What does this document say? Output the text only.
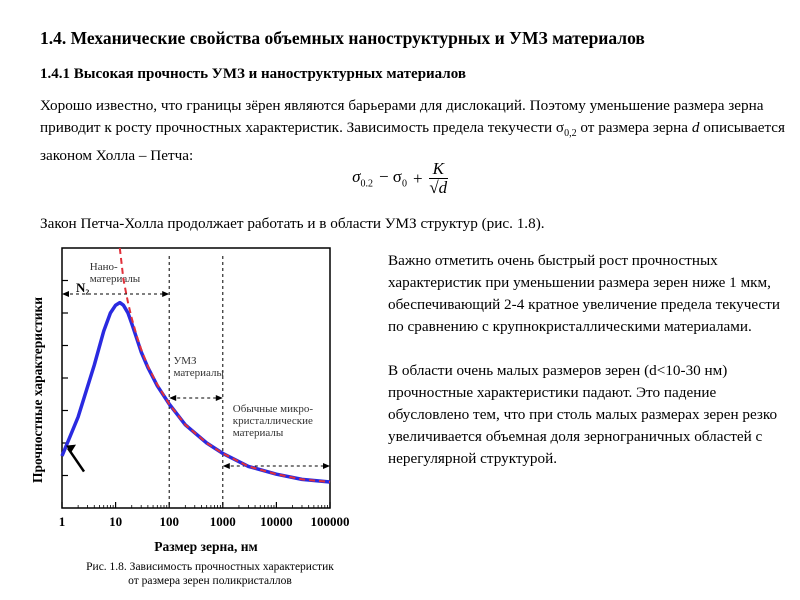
1.4. Механические свойства объемных наноструктурных и УМЗ материалов
1.4.1 Высокая прочность УМЗ и наноструктурных материалов
Хорошо известно, что границы зёрен являются барьерами для дислокаций. Поэтому уменьшение размера зерна приводит к росту прочностных характеристик. Зависимость предела текучести $\sigma_{0,2}$ от размера зерна d описывается законом Холла – Петча:
$\sigma_{0.2} - \sigma_0 + \frac{K}{√d}$
Закон Петча-Холла продолжает работать и в области УМЗ структур (рис. 1.8).
1	10	100 1000 10000 100000
Нано-
материалы
УМЗ
материалы
Обычные микро-
кристаллические
материалы
N₂
Размер зерна, нм
Прочностные характеристики

Важно отметить очень быстрый рост прочностных характеристик при уменьшении размера зерен ниже 1 мкм, обеспечивающий 2-4 кратное увеличение предела текучести по сравнению с крупнокристаллическими материалами.

В области очень малых размеров зерен (d<10-30 нм) прочностные характеристики падают. Это падение обусловлено тем, что при столь малых размерах зерен резко увеличивается объемная доля зернограничных областей с нерегулярной структурой.

Рис. 1.8. Зависимость прочностных характеристик
от размера зерен поликристаллов
